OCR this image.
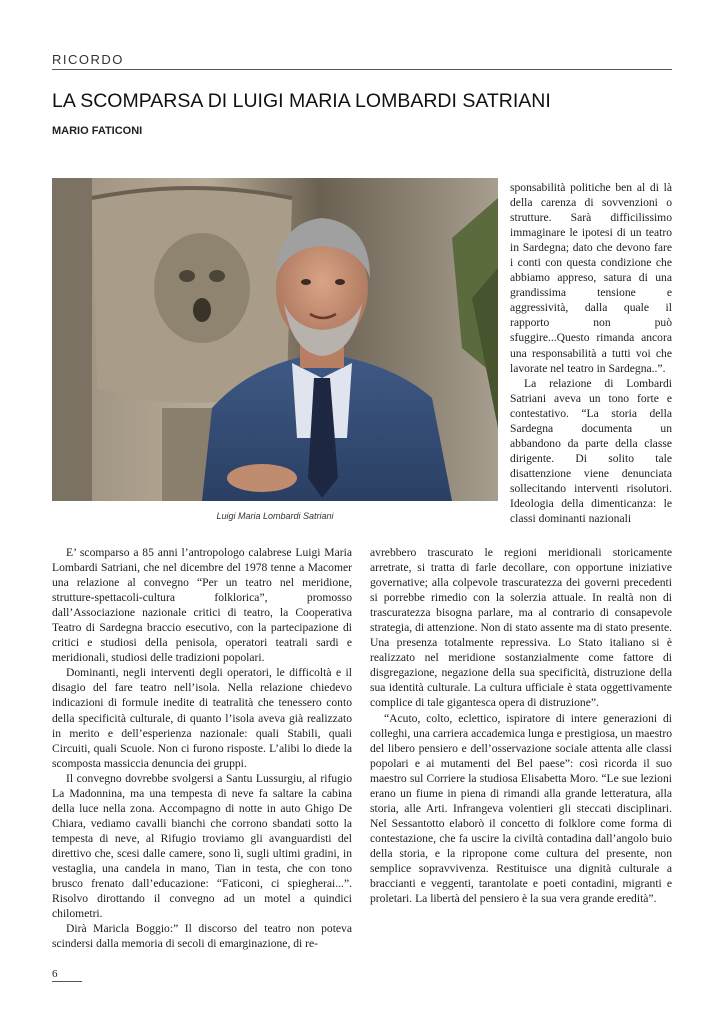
RICORDO
LA SCOMPARSA DI LUIGI MARIA LOMBARDI SATRIANI
MARIO FATICONI
Luigi Maria Lombardi Satriani

sponsabilità politiche ben al di là della carenza di sovvenzioni o strutture. Sarà difficilissimo immaginare le ipotesi di un teatro in Sardegna; dato che devono fare i conti con questa condizione che abbiamo appreso, satura di una grandissima tensione e aggressività, dalla quale il rapporto non può sfuggire...Questo rimanda ancora una responsabilità a tutti voi che lavorate nel teatro in Sardegna..”.

La relazione di Lombardi Satriani aveva un tono forte e contestativo. “La storia della Sardegna documenta un abbandono da parte della classe dirigente. Di solito tale disattenzione viene denunciata sollecitando interventi risolutori. Ideologia della dimenticanza: le classi dominanti nazionali

E’ scomparso a 85 anni l’antropologo calabrese Luigi Maria Lombardi Satriani, che nel dicembre del 1978 tenne a Macomer una relazione al convegno “Per un teatro nel meridione, strutture-spettacoli-cultura folklorica”, promosso dall’Associazione nazionale critici di teatro, la Cooperativa Teatro di Sardegna braccio esecutivo, con la partecipazione di critici e studiosi della penisola, operatori teatrali sardi e meridionali, studiosi delle tradizioni popolari.

Dominanti, negli interventi degli operatori, le difficoltà e il disagio del fare teatro nell’isola. Nella relazione chiedevo indicazioni di formule inedite di teatralità che tenessero conto della specificità culturale, di quanto l’isola aveva già realizzato in merito e dell’esperienza nazionale: quali Stabili, quali Circuiti, quali Scuole. Non ci furono risposte. L’alibi lo diede la scomposta massiccia denuncia dei gruppi.

Il convegno dovrebbe svolgersi a Santu Lussurgiu, al rifugio La Madonnina, ma una tempesta di neve fa saltare la cabina della luce nella zona. Accompagno di notte in auto Ghigo De Chiara, vediamo cavalli bianchi che corrono sbandati sotto la tempesta di neve, al Rifugio troviamo gli avanguardisti del direttivo che, scesi dalle camere, sono lì, sugli ultimi gradini, in vestaglia, una candela in mano, Tian in testa, che con tono brusco frenato dall’educazione: “Faticoni, ci spiegherai...”. Risolvo dirottando il convegno ad un motel a quindici chilometri.

Dirà Maricla Boggio:” Il discorso del teatro non poteva scindersi dalla memoria di secoli di emarginazione, di re-

avrebbero trascurato le regioni meridionali storicamente arretrate, si tratta di farle decollare, con opportune iniziative governative; alla colpevole trascuratezza dei governi precedenti si porrebbe rimedio con la solerzia attuale. In realtà non di trascuratezza bisogna parlare, ma al contrario di consapevole strategia, di attenzione. Non di stato assente ma di stato presente. Una presenza totalmente repressiva. Lo Stato italiano si è realizzato nel meridione sostanzialmente come fattore di disgregazione, negazione della sua specificità, distruzione della sua identità culturale. La cultura ufficiale è stata oggettivamente complice di tale gigantesca opera di distruzione”.

“Acuto, colto, eclettico, ispiratore di intere generazioni di colleghi, una carriera accademica lunga e prestigiosa, un maestro del libero pensiero e dell’osservazione sociale attenta alle classi popolari e ai mutamenti del Bel paese”: così ricorda il suo maestro sul Corriere la studiosa Elisabetta Moro. “Le sue lezioni erano un fiume in piena di rimandi alla grande letteratura, alla storia, alle Arti. Infrangeva volentieri gli steccati disciplinari. Nel Sessantotto elaborò il concetto di folklore come forma di contestazione, che fa uscire la civiltà contadina dall’angolo buio della storia, e la ripropone come cultura del presente, non semplice sopravvivenza. Restituisce una dignità culturale a braccianti e veggenti, tarantolate e poeti contadini, migranti e proletari. La libertà del pensiero è la sua vera grande eredità”.

6
